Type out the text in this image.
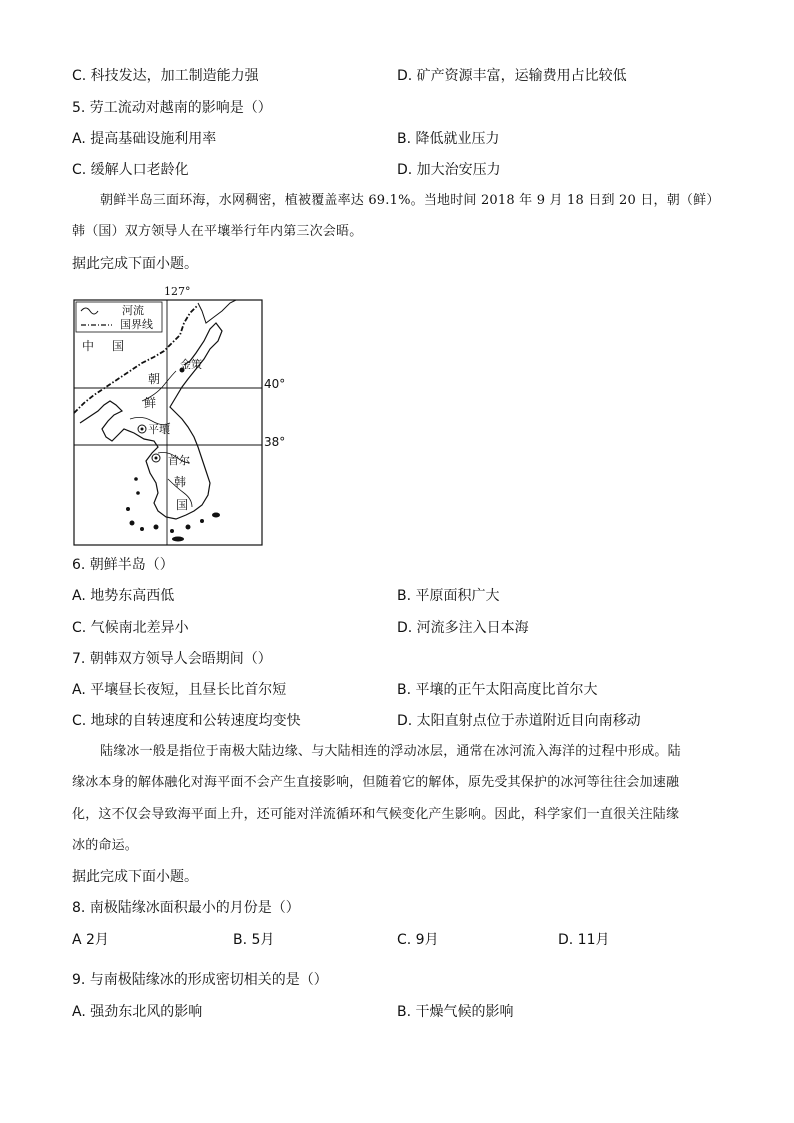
C. 科技发达，加工制造能力强	D. 矿产资源丰富，运输费用占比较低
5. 劳工流动对越南的影响是（）
A. 提高基础设施利用率	B. 降低就业压力
C. 缓解人口老龄化	D. 加大治安压力
朝鲜半岛三面环海，水网稠密，植被覆盖率达 69.1%。当地时间 2018 年 9 月 18 日到 20 日，朝（鲜）
韩（国）双方领导人在平壤举行年内第三次会晤。
据此完成下面小题。
127°
河流
国界线
中 国
金策
平壤
首尔
朝
鲜
韩
国
40°
38°
6. 朝鲜半岛（）
A. 地势东高西低	B. 平原面积广大
C. 气候南北差异小	D. 河流多注入日本海
7. 朝韩双方领导人会晤期间（）
A. 平壤昼长夜短，且昼长比首尔短	B. 平壤的正午太阳高度比首尔大
C. 地球的自转速度和公转速度均变快	D. 太阳直射点位于赤道附近目向南移动
陆缘冰一般是指位于南极大陆边缘、与大陆相连的浮动冰层，通常在冰河流入海洋的过程中形成。陆
缘冰本身的解体融化对海平面不会产生直接影响，但随着它的解体，原先受其保护的冰河等往往会加速融
化，这不仅会导致海平面上升，还可能对洋流循环和气候变化产生影响。因此，科学家们一直很关注陆缘
冰的命运。
据此完成下面小题。
8. 南极陆缘冰面积最小的月份是（）
A 2月	B. 5月	C. 9月	D. 11月
9. 与南极陆缘冰的形成密切相关的是（）
A. 强劲东北风的影响	B. 干燥气候的影响
